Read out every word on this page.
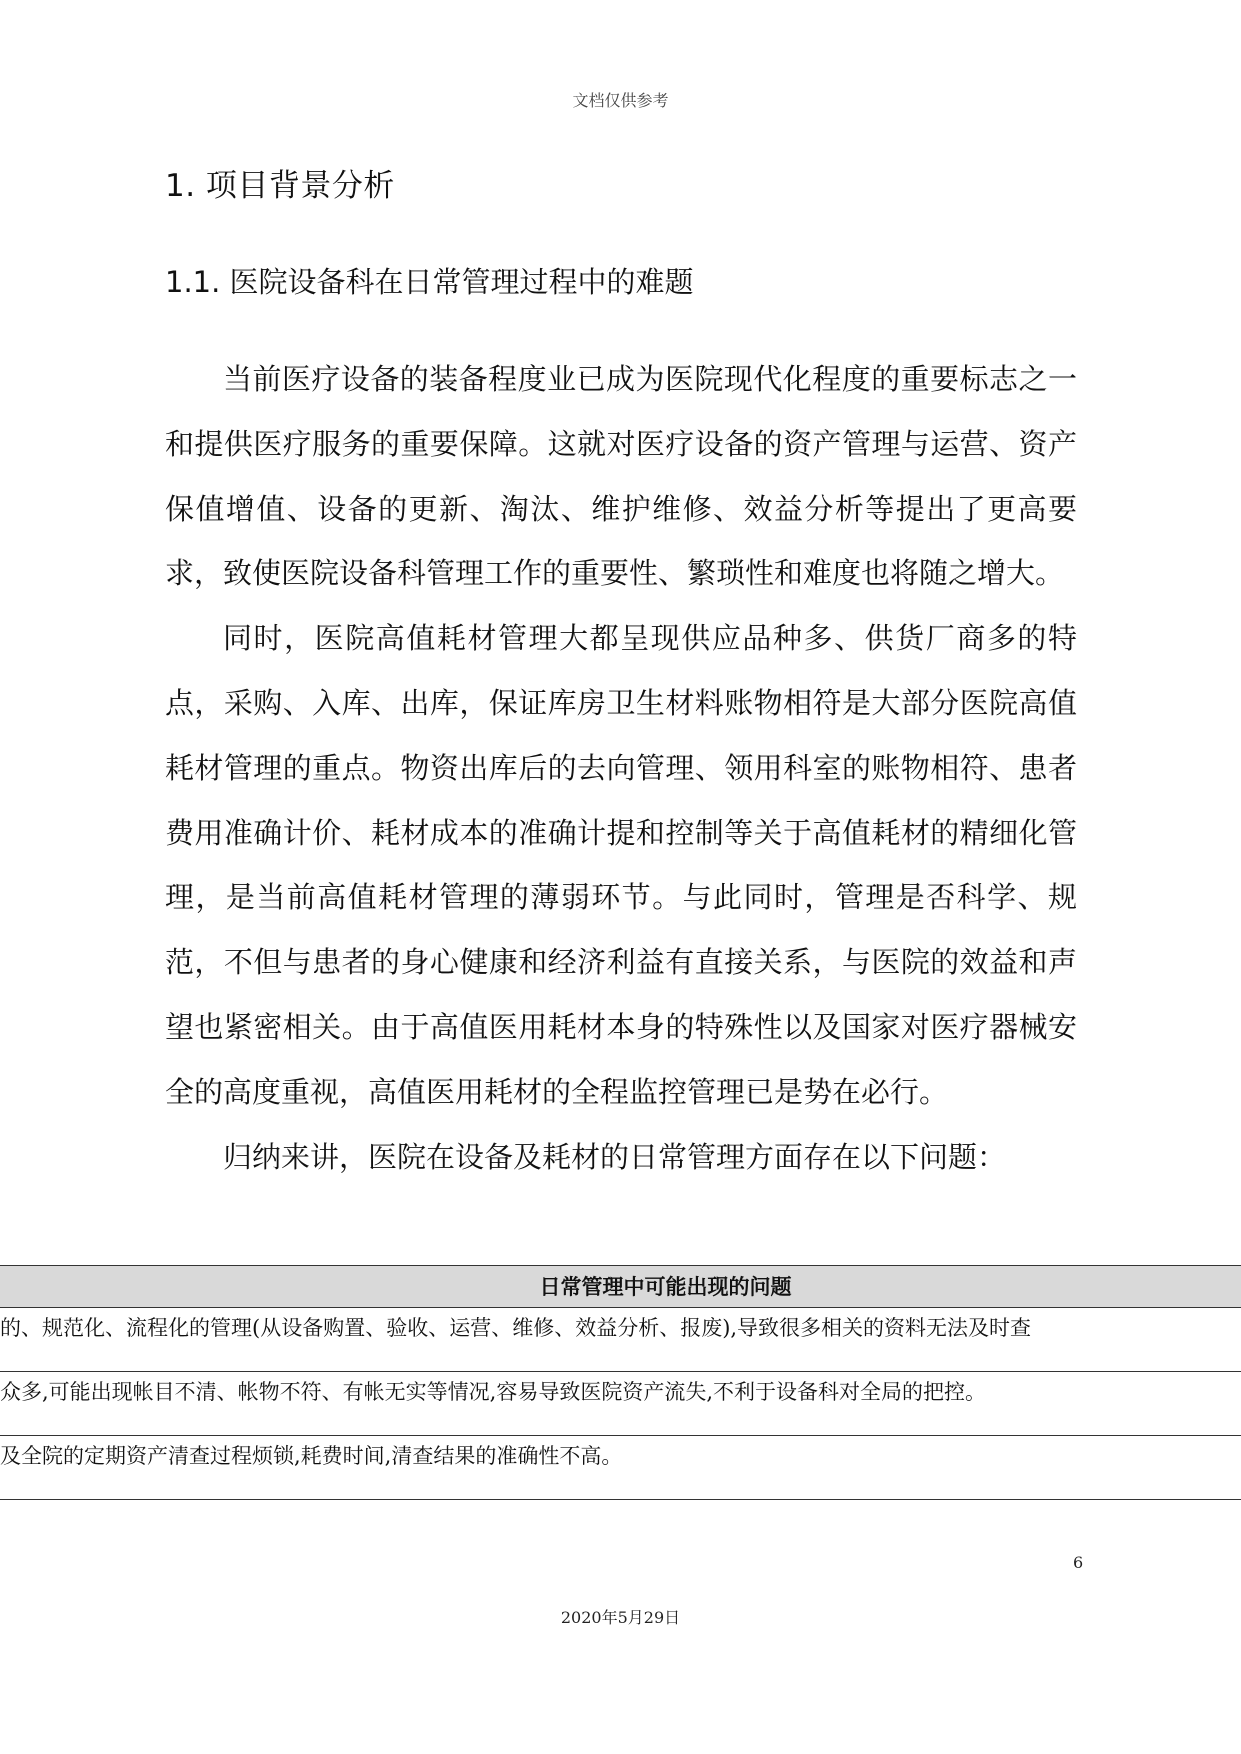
文档仅供参考
1. 项目背景分析
1.1. 医院设备科在日常管理过程中的难题

当前医疗设备的装备程度业已成为医院现代化程度的重要标志之一和提供医疗服务的重要保障。这就对医疗设备的资产管理与运营、资产保值增值、设备的更新、淘汰、维护维修、效益分析等提出了更高要求，致使医院设备科管理工作的重要性、繁琐性和难度也将随之增大。

同时，医院高值耗材管理大都呈现供应品种多、供货厂商多的特点，采购、入库、出库，保证库房卫生材料账物相符是大部分医院高值耗材管理的重点。物资出库后的去向管理、领用科室的账物相符、患者费用准确计价、耗材成本的准确计提和控制等关于高值耗材的精细化管理，是当前高值耗材管理的薄弱环节。与此同时，管理是否科学、规范，不但与患者的身心健康和经济利益有直接关系，与医院的效益和声望也紧密相关。由于高值医用耗材本身的特殊性以及国家对医疗器械安全的高度重视，高值医用耗材的全程监控管理已是势在必行。

归纳来讲，医院在设备及耗材的日常管理方面存在以下问题：

日常管理中可能出现的问题
的、规范化、流程化的管理(从设备购置、验收、运营、维修、效益分析、报废),导致很多相关的资料无法及时查
众多,可能出现帐目不清、帐物不符、有帐无实等情况,容易导致医院资产流失,不利于设备科对全局的把控。
及全院的定期资产清查过程烦锁,耗费时间,清查结果的准确性不高。
6
2020年5月29日
